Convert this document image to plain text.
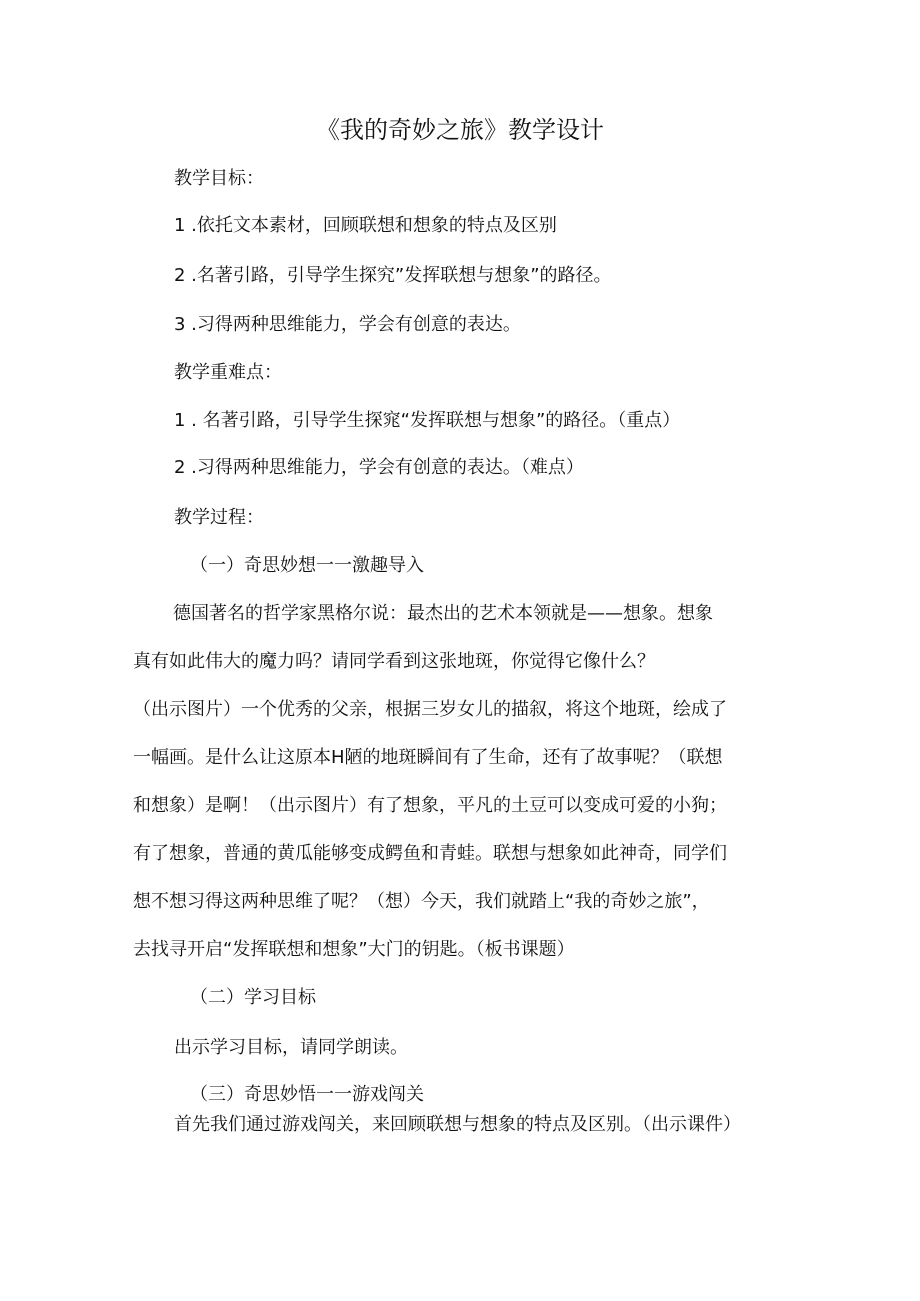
《我的奇妙之旅》教学设计
教学目标：
1 .依托文本素材，回顾联想和想象的特点及区别
2 .名著引路，引导学生探究”发挥联想与想象”的路径。
3 .习得两种思维能力，学会有创意的表达。
教学重难点：
1 . 名著引路，引导学生探窕“发挥联想与想象”的路径。（重点）
2 .习得两种思维能力，学会有创意的表达。（难点）
教学过程：
（一）奇思妙想一一激趣导入
德国著名的哲学家黑格尔说：最杰出的艺术本领就是——想象。想象
真有如此伟大的魔力吗？请同学看到这张地斑，你觉得它像什么？
（出示图片）一个优秀的父亲，根据三岁女儿的描叙，将这个地斑，绘成了
一幅画。是什么让这原本H陋的地斑瞬间有了生命，还有了故事呢？（联想
和想象）是啊！（出示图片）有了想象，平凡的土豆可以变成可爱的小狗；
有了想象，普通的黄瓜能够变成鳄鱼和青蛙。联想与想象如此神奇，同学们
想不想习得这两种思维了呢？（想）今天，我们就踏上“我的奇妙之旅”，
去找寻开启“发挥联想和想象”大门的钥匙。（板书课题）
（二）学习目标
出示学习目标，请同学朗读。
（三）奇思妙悟一一游戏闯关
首先我们通过游戏闯关，来回顾联想与想象的特点及区别。（出示课件）
